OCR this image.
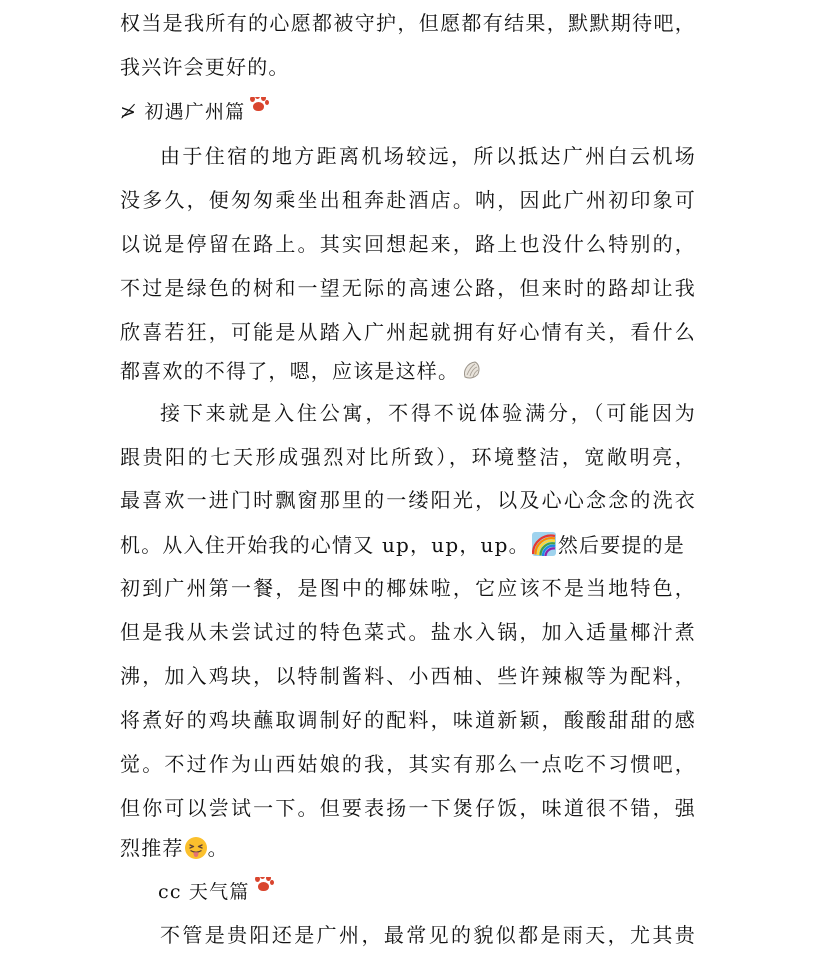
权当是我所有的心愿都被守护，但愿都有结果，默默期待吧，
我兴许会更好的。
≯ 初遇广州篇
由于住宿的地方距离机场较远，所以抵达广州白云机场
没多久，便匆匆乘坐出租奔赴酒店。呐，因此广州初印象可
以说是停留在路上。其实回想起来，路上也没什么特别的，
不过是绿色的树和一望无际的高速公路，但来时的路却让我
欣喜若狂，可能是从踏入广州起就拥有好心情有关，看什么
都喜欢的不得了，嗯，应该是这样。
接下来就是入住公寓，不得不说体验满分，（可能因为
跟贵阳的七天形成强烈对比所致），环境整洁，宽敞明亮，
最喜欢一进门时飘窗那里的一缕阳光，以及心心念念的洗衣
机。从入住开始我的心情又 up，up，up。 然后要提的是
初到广州第一餐，是图中的椰妹啦，它应该不是当地特色，
但是我从未尝试过的特色菜式。盐水入锅，加入适量椰汁煮
沸，加入鸡块，以特制酱料、小西柚、些许辣椒等为配料，
将煮好的鸡块蘸取调制好的配料，味道新颖，酸酸甜甜的感
觉。不过作为山西姑娘的我，其实有那么一点吃不习惯吧，
但你可以尝试一下。但要表扬一下煲仔饭，味道很不错，强
烈推荐 。
cc 天气篇
不管是贵阳还是广州，最常见的貌似都是雨天，尤其贵
